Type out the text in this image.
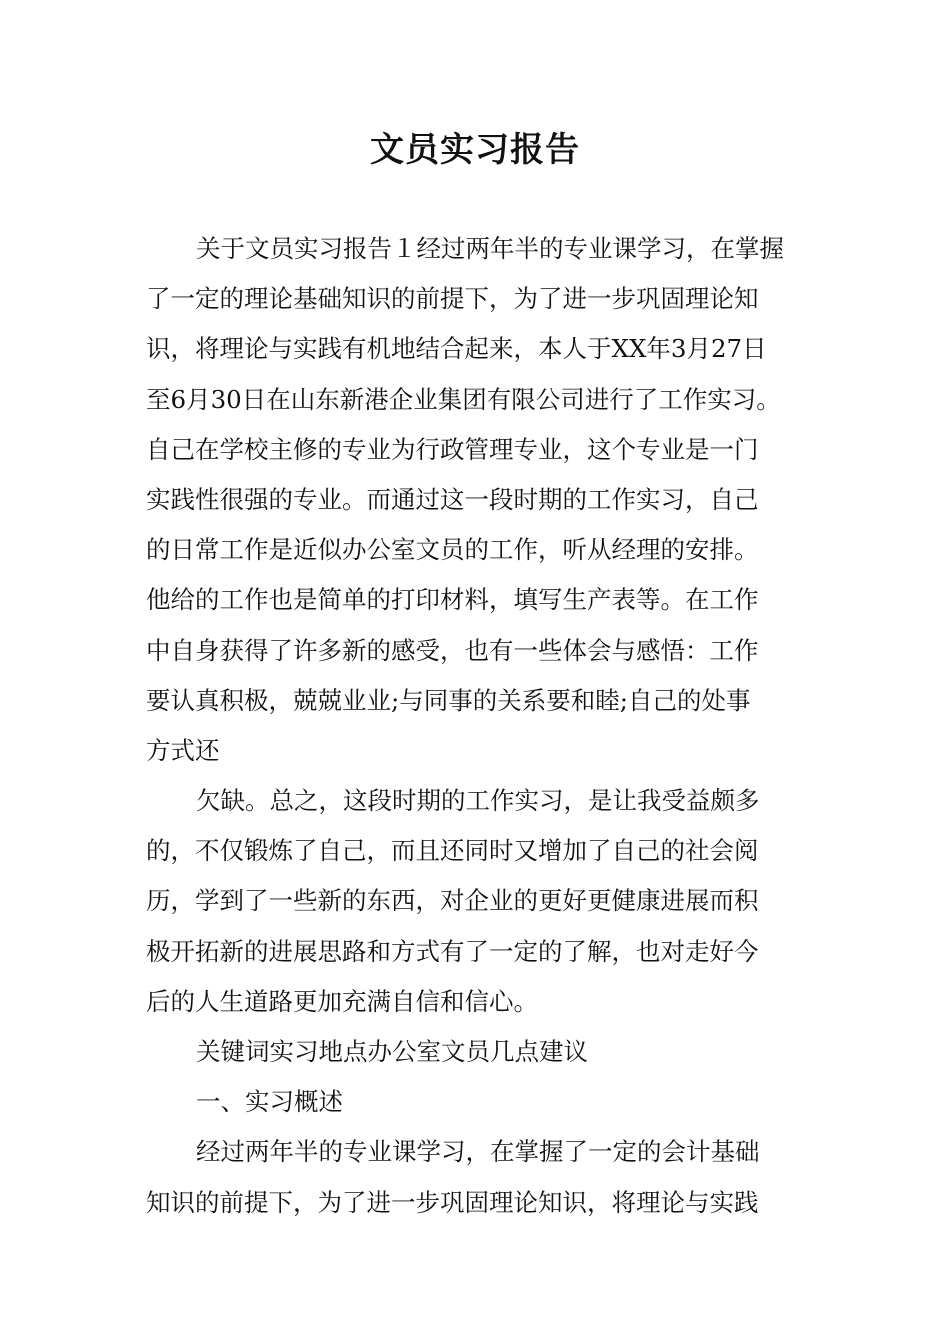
文员实习报告
关于文员实习报告１经过两年半的专业课学习，在掌握
了一定的理论基础知识的前提下，为了进一步巩固理论知
识，将理论与实践有机地结合起来，本人于XX年3月27日
至6月30日在山东新港企业集团有限公司进行了工作实习。
自己在学校主修的专业为行政管理专业，这个专业是一门
实践性很强的专业。而通过这一段时期的工作实习，自己
的日常工作是近似办公室文员的工作，听从经理的安排。
他给的工作也是简单的打印材料，填写生产表等。在工作
中自身获得了许多新的感受，也有一些体会与感悟：工作
要认真积极，兢兢业业;与同事的关系要和睦;自己的处事
方式还
欠缺。总之，这段时期的工作实习，是让我受益颇多
的，不仅锻炼了自己，而且还同时又增加了自己的社会阅
历，学到了一些新的东西，对企业的更好更健康进展而积
极开拓新的进展思路和方式有了一定的了解，也对走好今
后的人生道路更加充满自信和信心。
关键词实习地点办公室文员几点建议
一、实习概述
经过两年半的专业课学习，在掌握了一定的会计基础
知识的前提下，为了进一步巩固理论知识，将理论与实践
